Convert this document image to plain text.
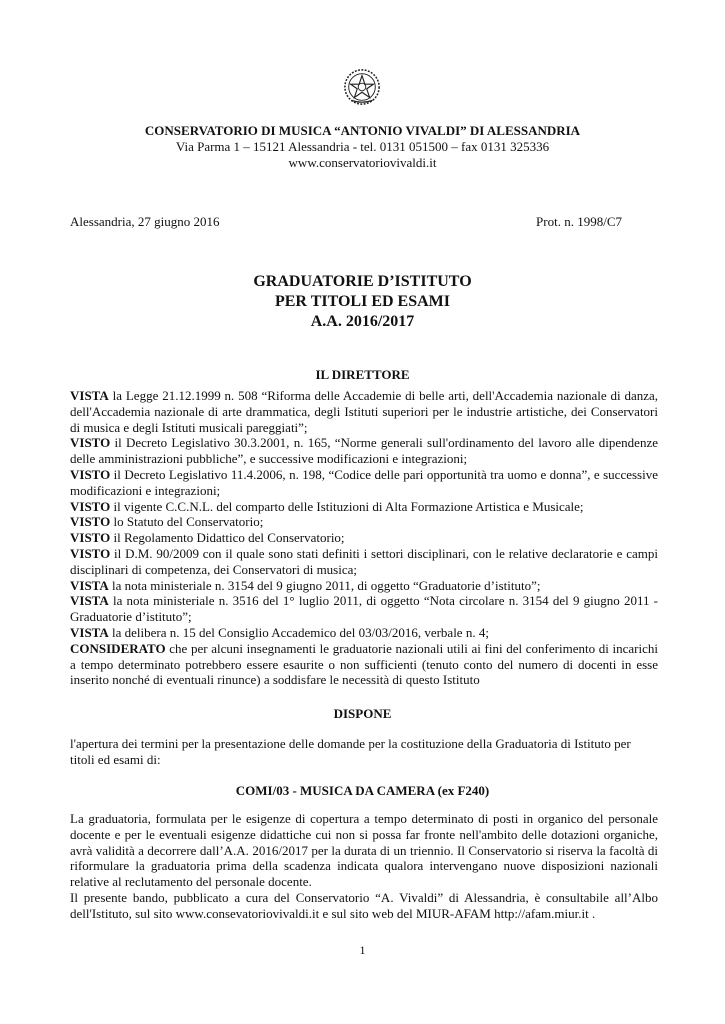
CONSERVATORIO DI MUSICA “ANTONIO VIVALDI” DI ALESSANDRIA
Via Parma 1 – 15121 Alessandria - tel. 0131 051500 – fax 0131 325336
www.conservatoriovivaldi.it
Alessandria, 27 giugno 2016	Prot. n. 1998/C7
GRADUATORIE D’ISTITUTO
PER TITOLI ED ESAMI
A.A. 2016/2017
IL DIRETTORE

VISTA la Legge 21.12.1999 n. 508 “Riforma delle Accademie di belle arti, dell'Accademia nazionale di danza, dell'Accademia nazionale di arte drammatica, degli Istituti superiori per le industrie artistiche, dei Conservatori di musica e degli Istituti musicali pareggiati”;

VISTO il Decreto Legislativo 30.3.2001, n. 165, “Norme generali sull'ordinamento del lavoro alle dipendenze delle amministrazioni pubbliche”, e successive modificazioni e integrazioni;

VISTO il Decreto Legislativo 11.4.2006, n. 198, “Codice delle pari opportunità tra uomo e donna”, e successive modificazioni e integrazioni;

VISTO il vigente C.C.N.L. del comparto delle Istituzioni di Alta Formazione Artistica e Musicale;

VISTO lo Statuto del Conservatorio;

VISTO il Regolamento Didattico del Conservatorio;

VISTO il D.M. 90/2009 con il quale sono stati definiti i settori disciplinari, con le relative declaratorie e campi disciplinari di competenza, dei Conservatori di musica;

VISTA la nota ministeriale n. 3154 del 9 giugno 2011, di oggetto “Graduatorie d’istituto”;

VISTA la nota ministeriale n. 3516 del 1° luglio 2011, di oggetto “Nota circolare n. 3154 del 9 giugno 2011 - Graduatorie d’istituto”;

VISTA la delibera n. 15 del Consiglio Accademico del 03/03/2016, verbale n. 4;

CONSIDERATO che per alcuni insegnamenti le graduatorie nazionali utili ai fini del conferimento di incarichi a tempo determinato potrebbero essere esaurite o non sufficienti (tenuto conto del numero di docenti in esse inserito nonché di eventuali rinunce) a soddisfare le necessità di questo Istituto

DISPONE
l'apertura dei termini per la presentazione delle domande per la costituzione della Graduatoria di Istituto per titoli ed esami di:
COMI/03 - MUSICA DA CAMERA (ex F240)

La graduatoria, formulata per le esigenze di copertura a tempo determinato di posti in organico del personale docente e per le eventuali esigenze didattiche cui non si possa far fronte nell'ambito delle dotazioni organiche, avrà validità a decorrere dall’A.A. 2016/2017 per la durata di un triennio. Il Conservatorio si riserva la facoltà di riformulare la graduatoria prima della scadenza indicata qualora intervengano nuove disposizioni nazionali relative al reclutamento del personale docente.

Il presente bando, pubblicato a cura del Conservatorio “A. Vivaldi” di Alessandria, è consultabile all’Albo dell'Istituto, sul sito www.consevatoriovivaldi.it e sul sito web del MIUR-AFAM http://afam.miur.it .

1
